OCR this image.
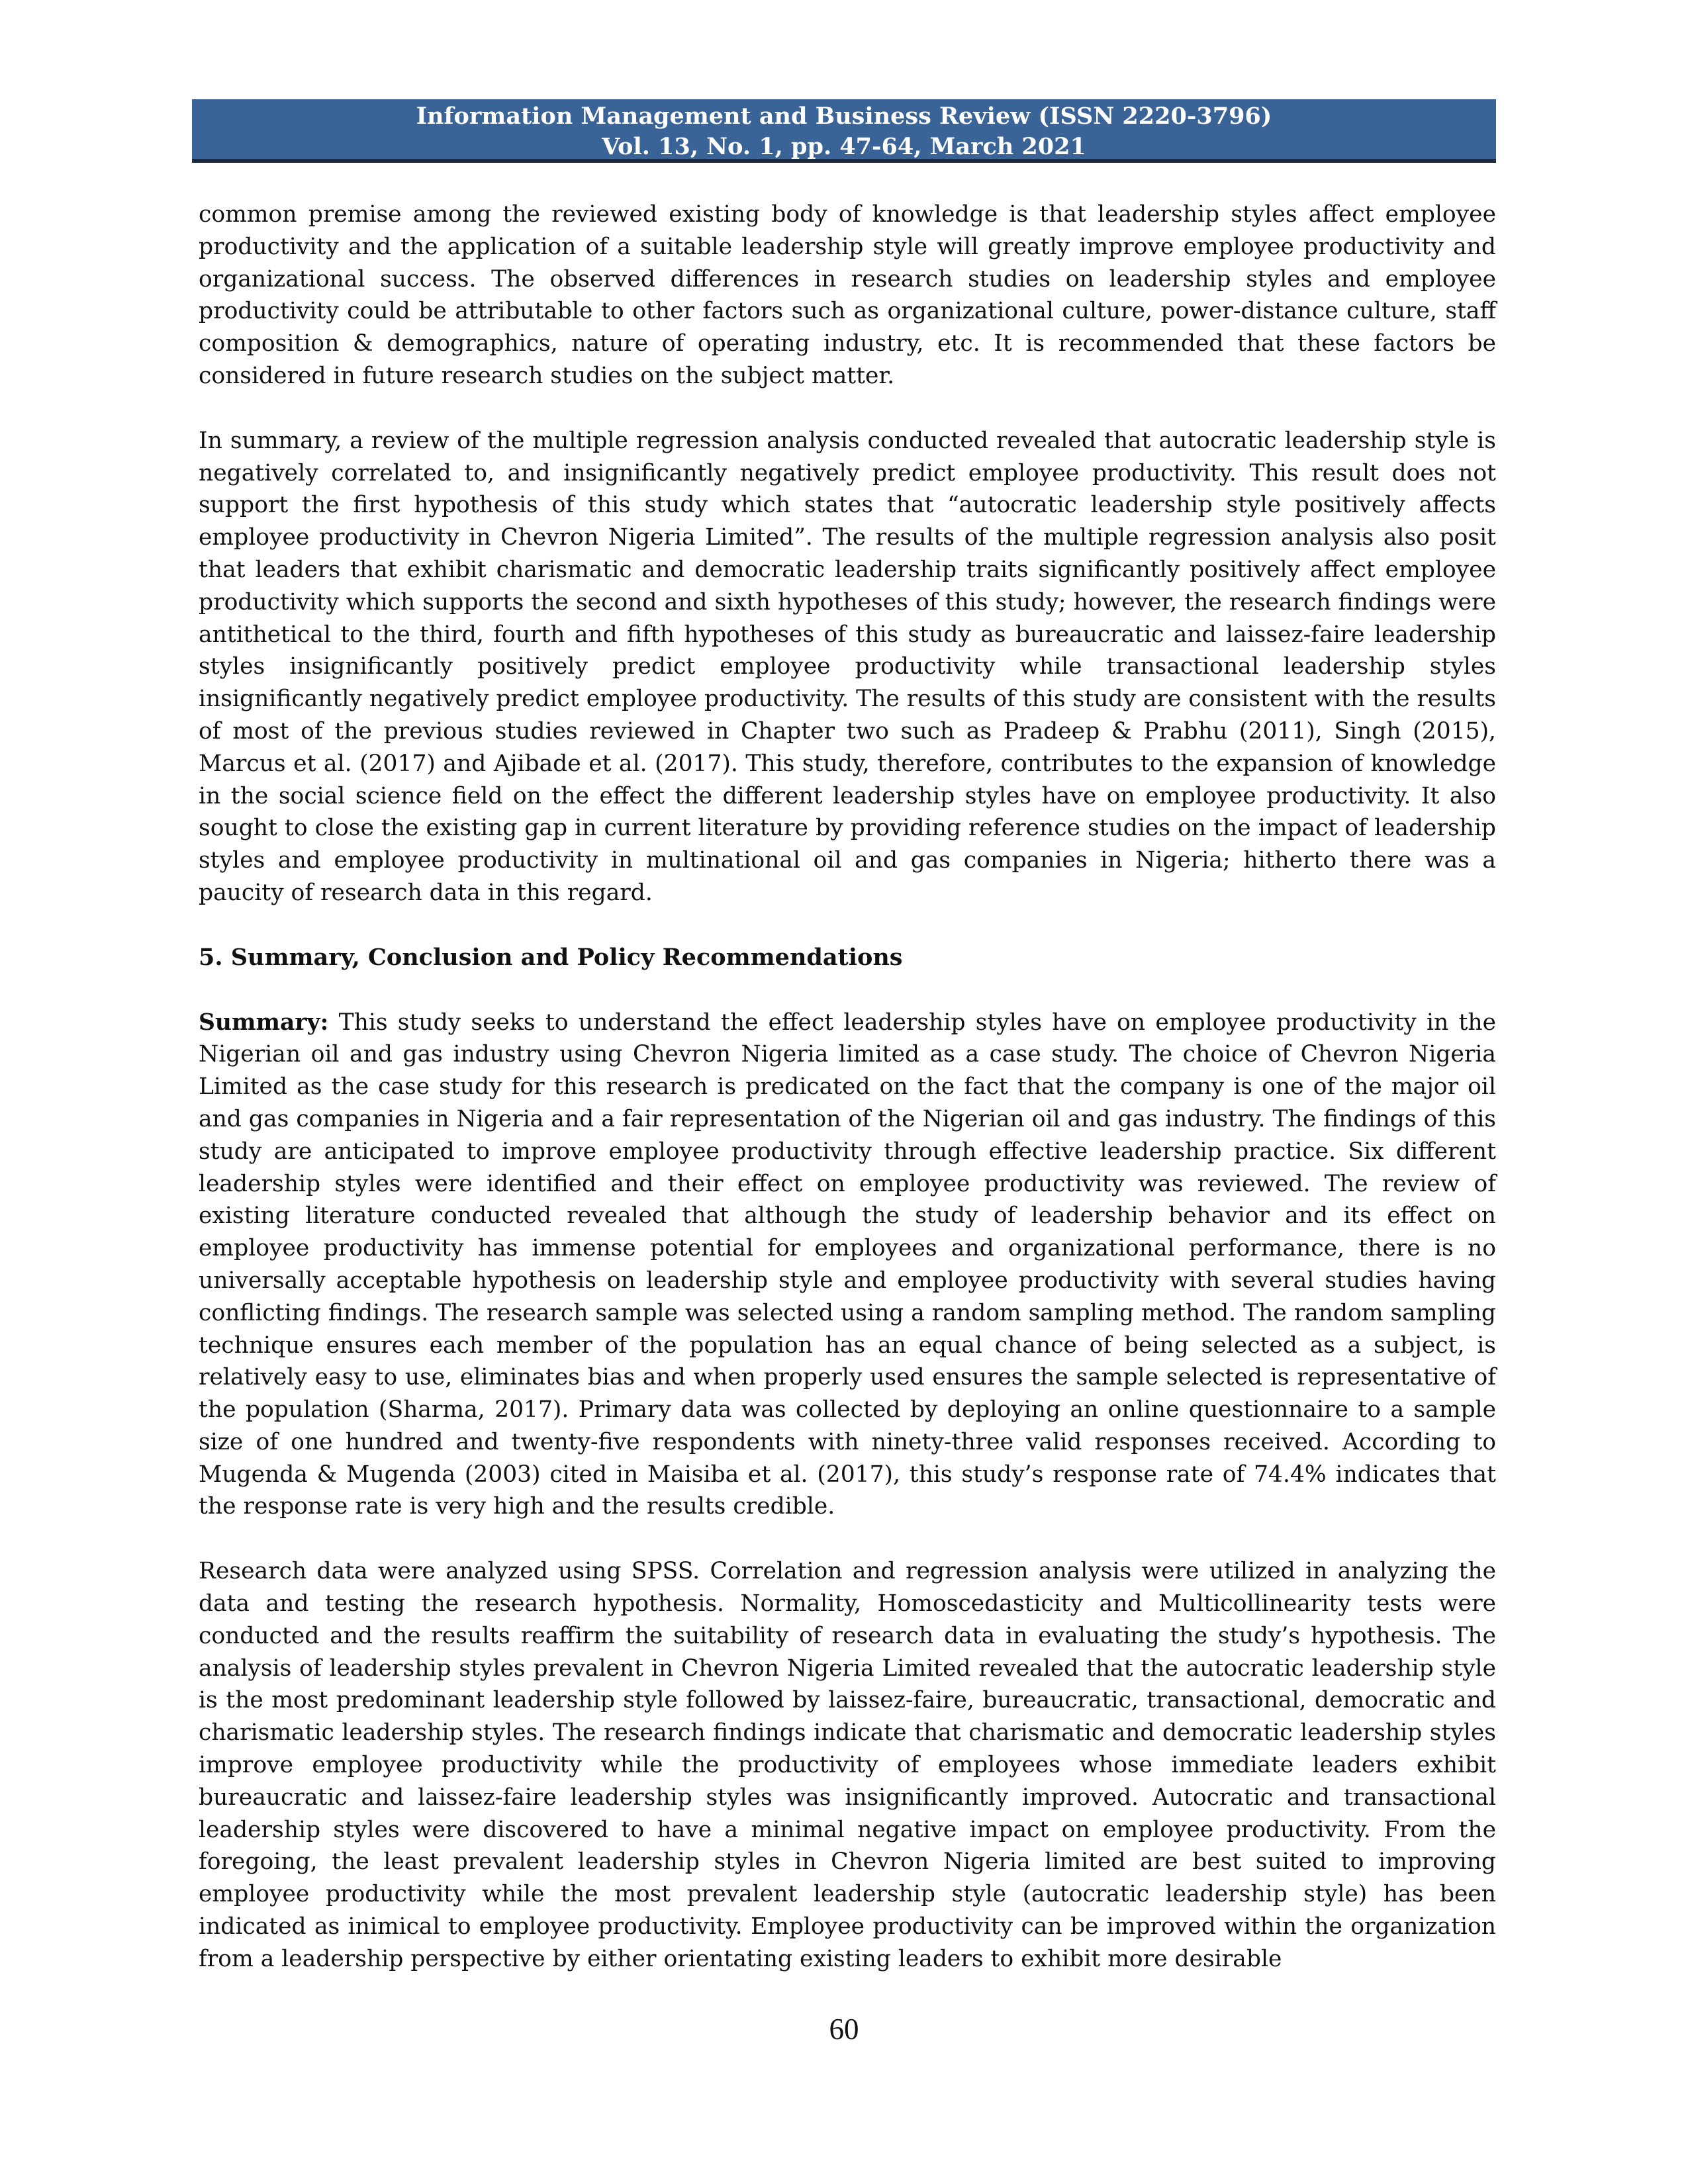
Information Management and Business Review (ISSN 2220-3796)
Vol. 13, No. 1, pp. 47-64, March 2021

common premise among the reviewed existing body of knowledge is that leadership styles affect employee productivity and the application of a suitable leadership style will greatly improve employee productivity and organizational success. The observed differences in research studies on leadership styles and employee productivity could be attributable to other factors such as organizational culture, power-distance culture, staff composition & demographics, nature of operating industry, etc. It is recommended that these factors be considered in future research studies on the subject matter.

In summary, a review of the multiple regression analysis conducted revealed that autocratic leadership style is negatively correlated to, and insignificantly negatively predict employee productivity. This result does not support the first hypothesis of this study which states that “autocratic leadership style positively affects employee productivity in Chevron Nigeria Limited”. The results of the multiple regression analysis also posit that leaders that exhibit charismatic and democratic leadership traits significantly positively affect employee productivity which supports the second and sixth hypotheses of this study; however, the research findings were antithetical to the third, fourth and fifth hypotheses of this study as bureaucratic and laissez-faire leadership styles insignificantly positively predict employee productivity while transactional leadership styles insignificantly negatively predict employee productivity. The results of this study are consistent with the results of most of the previous studies reviewed in Chapter two such as Pradeep & Prabhu (2011), Singh (2015), Marcus et al. (2017) and Ajibade et al. (2017). This study, therefore, contributes to the expansion of knowledge in the social science field on the effect the different leadership styles have on employee productivity. It also sought to close the existing gap in current literature by providing reference studies on the impact of leadership styles and employee productivity in multinational oil and gas companies in Nigeria; hitherto there was a paucity of research data in this regard.

5. Summary, Conclusion and Policy Recommendations

Summary: This study seeks to understand the effect leadership styles have on employee productivity in the Nigerian oil and gas industry using Chevron Nigeria limited as a case study. The choice of Chevron Nigeria Limited as the case study for this research is predicated on the fact that the company is one of the major oil and gas companies in Nigeria and a fair representation of the Nigerian oil and gas industry. The findings of this study are anticipated to improve employee productivity through effective leadership practice. Six different leadership styles were identified and their effect on employee productivity was reviewed. The review of existing literature conducted revealed that although the study of leadership behavior and its effect on employee productivity has immense potential for employees and organizational performance, there is no universally acceptable hypothesis on leadership style and employee productivity with several studies having conflicting findings. The research sample was selected using a random sampling method. The random sampling technique ensures each member of the population has an equal chance of being selected as a subject, is relatively easy to use, eliminates bias and when properly used ensures the sample selected is representative of the population (Sharma, 2017). Primary data was collected by deploying an online questionnaire to a sample size of one hundred and twenty-five respondents with ninety-three valid responses received. According to Mugenda & Mugenda (2003) cited in Maisiba et al. (2017), this study’s response rate of 74.4% indicates that the response rate is very high and the results credible.

Research data were analyzed using SPSS. Correlation and regression analysis were utilized in analyzing the data and testing the research hypothesis. Normality, Homoscedasticity and Multicollinearity tests were conducted and the results reaffirm the suitability of research data in evaluating the study’s hypothesis. The analysis of leadership styles prevalent in Chevron Nigeria Limited revealed that the autocratic leadership style is the most predominant leadership style followed by laissez-faire, bureaucratic, transactional, democratic and charismatic leadership styles. The research findings indicate that charismatic and democratic leadership styles improve employee productivity while the productivity of employees whose immediate leaders exhibit bureaucratic and laissez-faire leadership styles was insignificantly improved. Autocratic and transactional leadership styles were discovered to have a minimal negative impact on employee productivity. From the foregoing, the least prevalent leadership styles in Chevron Nigeria limited are best suited to improving employee productivity while the most prevalent leadership style (autocratic leadership style) has been indicated as inimical to employee productivity. Employee productivity can be improved within the organization from a leadership perspective by either orientating existing leaders to exhibit more desirable

60
